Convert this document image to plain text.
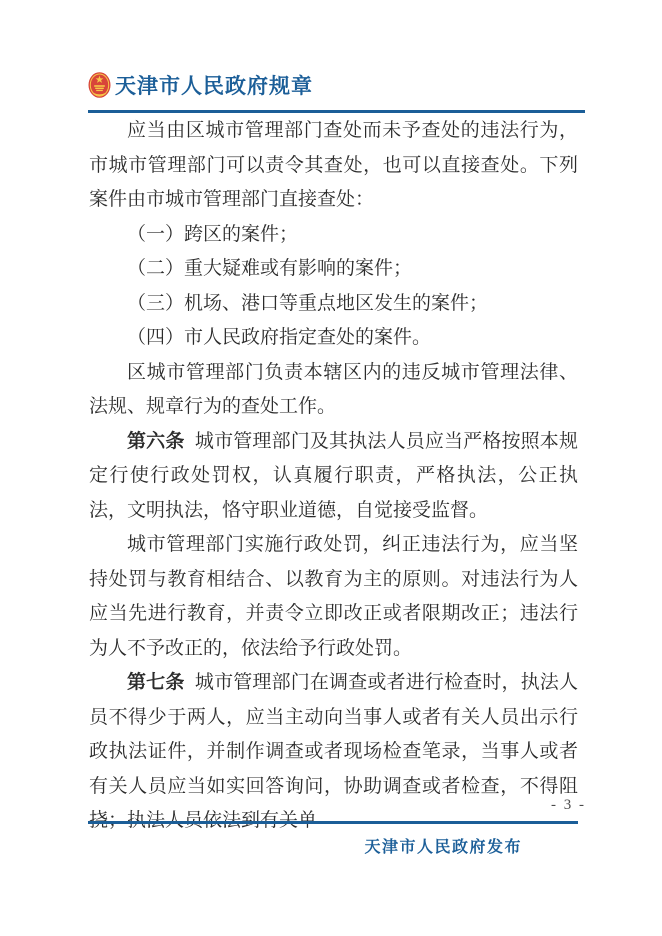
天津市人民政府规章

应当由区城市管理部门查处而未予查处的违法行为，市城市管理部门可以责令其查处，也可以直接查处。下列案件由市城市管理部门直接查处：

（一）跨区的案件；

（二）重大疑难或有影响的案件；

（三）机场、港口等重点地区发生的案件；

（四）市人民政府指定查处的案件。

区城市管理部门负责本辖区内的违反城市管理法律、法规、规章行为的查处工作。

第六条 城市管理部门及其执法人员应当严格按照本规定行使行政处罚权，认真履行职责，严格执法，公正执法，文明执法，恪守职业道德，自觉接受监督。

城市管理部门实施行政处罚，纠正违法行为，应当坚持处罚与教育相结合、以教育为主的原则。对违法行为人应当先进行教育，并责令立即改正或者限期改正；违法行为人不予改正的，依法给予行政处罚。

第七条 城市管理部门在调查或者进行检查时，执法人员不得少于两人，应当主动向当事人或者有关人员出示行政执法证件，并制作调查或者现场检查笔录，当事人或者有关人员应当如实回答询问，协助调查或者检查，不得阻挠；执法人员依法到有关单

- 3 -
天津市人民政府发布
